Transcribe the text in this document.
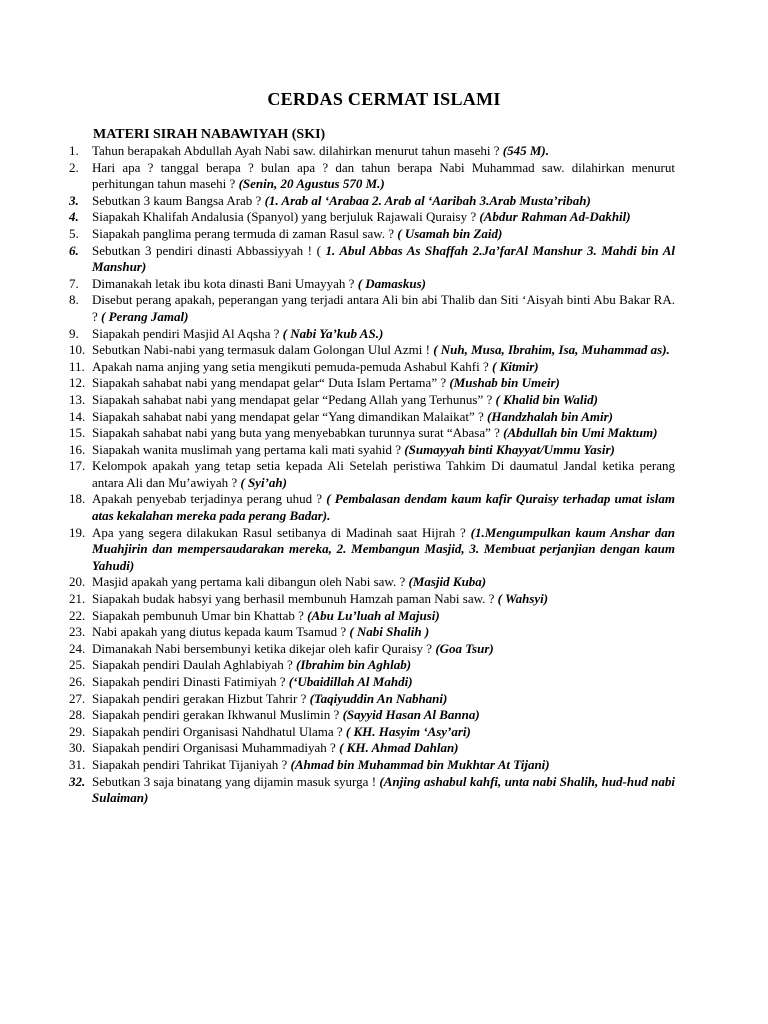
CERDAS CERMAT ISLAMI
MATERI SIRAH NABAWIYAH (SKI)
1. Tahun berapakah Abdullah Ayah Nabi saw. dilahirkan menurut tahun masehi ? (545 M).
2. Hari apa ? tanggal berapa ? bulan apa ? dan tahun berapa Nabi Muhammad saw. dilahirkan menurut perhitungan tahun masehi ? (Senin, 20 Agustus 570 M.)
3. Sebutkan 3 kaum Bangsa Arab ? (1. Arab al ‘Arabaa 2. Arab al ‘Aaribah 3.Arab Musta’ribah)
4. Siapakah Khalifah Andalusia (Spanyol) yang berjuluk Rajawali Quraisy ? (Abdur Rahman Ad-Dakhil)
5. Siapakah panglima perang termuda di zaman Rasul saw. ? ( Usamah bin Zaid)
6. Sebutkan 3 pendiri dinasti Abbassiyyah ! ( 1. Abul Abbas As Shaffah 2.Ja’farAl Manshur 3. Mahdi bin Al Manshur)
7. Dimanakah letak ibu kota dinasti Bani Umayyah ? ( Damaskus)
8. Disebut perang apakah, peperangan yang terjadi antara Ali bin abi Thalib dan Siti ‘Aisyah binti Abu Bakar RA. ? ( Perang Jamal)
9. Siapakah pendiri Masjid Al Aqsha ? ( Nabi Ya’kub AS.)
10. Sebutkan Nabi-nabi yang termasuk dalam Golongan Ulul Azmi ! ( Nuh, Musa, Ibrahim, Isa, Muhammad as).
11. Apakah nama anjing yang setia mengikuti pemuda-pemuda Ashabul Kahfi ? ( Kitmir)
12. Siapakah sahabat nabi yang mendapat gelar“ Duta Islam Pertama” ? (Mushab bin Umeir)
13. Siapakah sahabat nabi yang mendapat gelar “Pedang Allah yang Terhunus” ? ( Khalid bin Walid)
14. Siapakah sahabat nabi yang mendapat gelar “Yang dimandikan Malaikat” ? (Handzhalah bin Amir)
15. Siapakah sahabat nabi yang buta yang menyebabkan turunnya surat “Abasa” ? (Abdullah bin Umi Maktum)
16. Siapakah wanita muslimah yang pertama kali mati syahid ? (Sumayyah binti Khayyat/Ummu Yasir)
17. Kelompok apakah yang tetap setia kepada Ali Setelah peristiwa Tahkim Di daumatul Jandal ketika perang antara Ali dan Mu’awiyah ? ( Syi’ah)
18. Apakah penyebab terjadinya perang uhud ? ( Pembalasan dendam kaum kafir Quraisy terhadap umat islam atas kekalahan mereka pada perang Badar).
19. Apa yang segera dilakukan Rasul setibanya di Madinah saat Hijrah ? (1.Mengumpulkan kaum Anshar dan Muahjirin dan mempersaudarakan mereka, 2. Membangun Masjid, 3. Membuat perjanjian dengan kaum Yahudi)
20. Masjid apakah yang pertama kali dibangun oleh Nabi saw. ? (Masjid Kuba)
21. Siapakah budak habsyi yang berhasil membunuh Hamzah paman Nabi saw. ? ( Wahsyi)
22. Siapakah pembunuh Umar bin Khattab ? (Abu Lu’luah al Majusi)
23. Nabi apakah yang diutus kepada kaum Tsamud ? ( Nabi Shalih )
24. Dimanakah Nabi bersembunyi ketika dikejar oleh kafir Quraisy ? (Goa Tsur)
25. Siapakah pendiri Daulah Aghlabiyah ? (Ibrahim bin Aghlab)
26. Siapakah pendiri Dinasti Fatimiyah ? (‘Ubaidillah Al Mahdi)
27. Siapakah pendiri gerakan Hizbut Tahrir ? (Taqiyuddin An Nabhani)
28. Siapakah pendiri gerakan Ikhwanul Muslimin ? (Sayyid Hasan Al Banna)
29. Siapakah pendiri Organisasi Nahdhatul Ulama ? ( KH. Hasyim ‘Asy’ari)
30. Siapakah pendiri Organisasi Muhammadiyah ? ( KH. Ahmad Dahlan)
31. Siapakah pendiri Tahrikat Tijaniyah ? (Ahmad bin Muhammad bin Mukhtar At Tijani)
32. Sebutkan 3 saja binatang yang dijamin masuk syurga ! (Anjing ashabul kahfi, unta nabi Shalih, hud-hud nabi Sulaiman)
